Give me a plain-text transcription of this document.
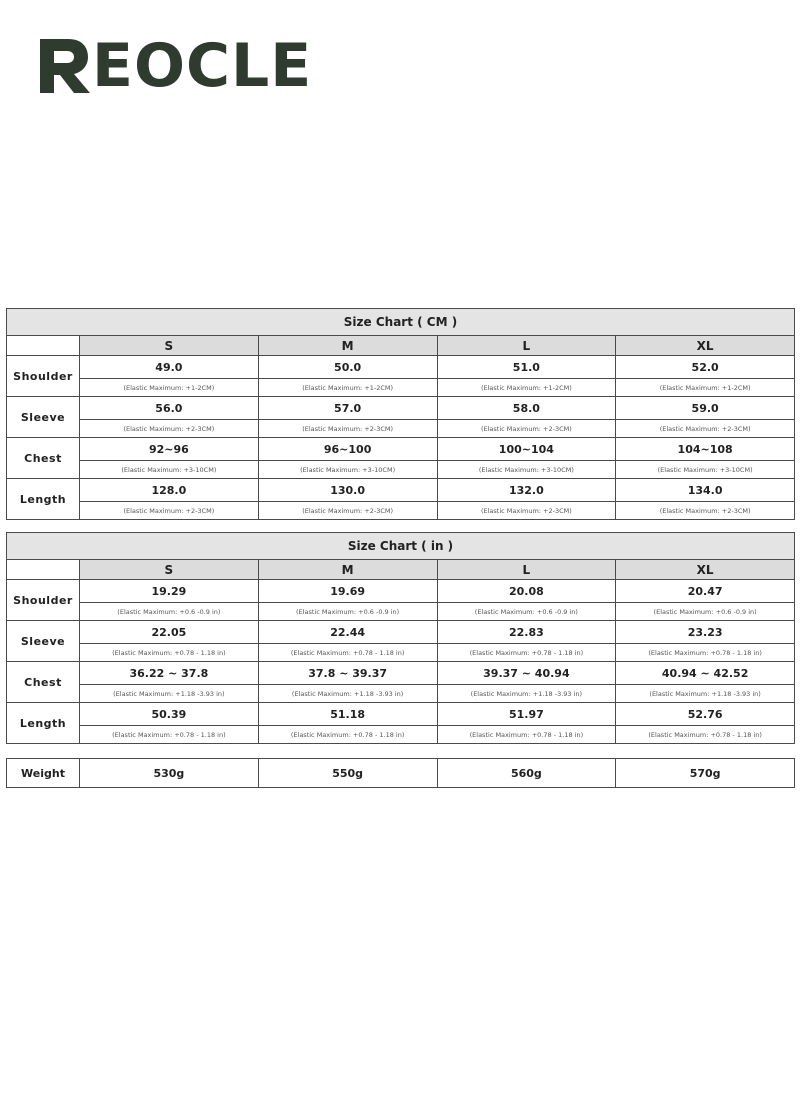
EOCLE
Size Chart ( CM )				
	S	M	L	XL
Shoulder	49.0	50.0	51.0	52.0
	(Elastic Maximum: +1-2CM)	(Elastic Maximum: +1-2CM)	(Elastic Maximum: +1-2CM)	(Elastic Maximum: +1-2CM)
Sleeve	56.0	57.0	58.0	59.0
	(Elastic Maximum: +2-3CM)	(Elastic Maximum: +2-3CM)	(Elastic Maximum: +2-3CM)	(Elastic Maximum: +2-3CM)
Chest	92~96	96~100	100~104	104~108
	(Elastic Maximum: +3-10CM)	(Elastic Maximum: +3-10CM)	(Elastic Maximum: +3-10CM)	(Elastic Maximum: +3-10CM)
Length	128.0	130.0	132.0	134.0
	(Elastic Maximum: +2-3CM)	(Elastic Maximum: +2-3CM)	(Elastic Maximum: +2-3CM)	(Elastic Maximum: +2-3CM)
Size Chart ( in )				
	S	M	L	XL
Shoulder	19.29	19.69	20.08	20.47
	(Elastic Maximum: +0.6 -0.9 in)	(Elastic Maximum: +0.6 -0.9 in)	(Elastic Maximum: +0.6 -0.9 in)	(Elastic Maximum: +0.6 -0.9 in)
Sleeve	22.05	22.44	22.83	23.23
	(Elastic Maximum: +0.78 - 1.18 in)	(Elastic Maximum: +0.78 - 1.18 in)	(Elastic Maximum: +0.78 - 1.18 in)	(Elastic Maximum: +0.78 - 1.18 in)
Chest	36.22 ~ 37.8	37.8 ~ 39.37	39.37 ~ 40.94	40.94 ~ 42.52
	(Elastic Maximum: +1.18 -3.93 in)	(Elastic Maximum: +1.18 -3.93 in)	(Elastic Maximum: +1.18 -3.93 in)	(Elastic Maximum: +1.18 -3.93 in)
Length	50.39	51.18	51.97	52.76
	(Elastic Maximum: +0.78 - 1.18 in)	(Elastic Maximum: +0.78 - 1.18 in)	(Elastic Maximum: +0.78 - 1.18 in)	(Elastic Maximum: +0.78 - 1.18 in)
Weight	530g	550g	560g	570g
